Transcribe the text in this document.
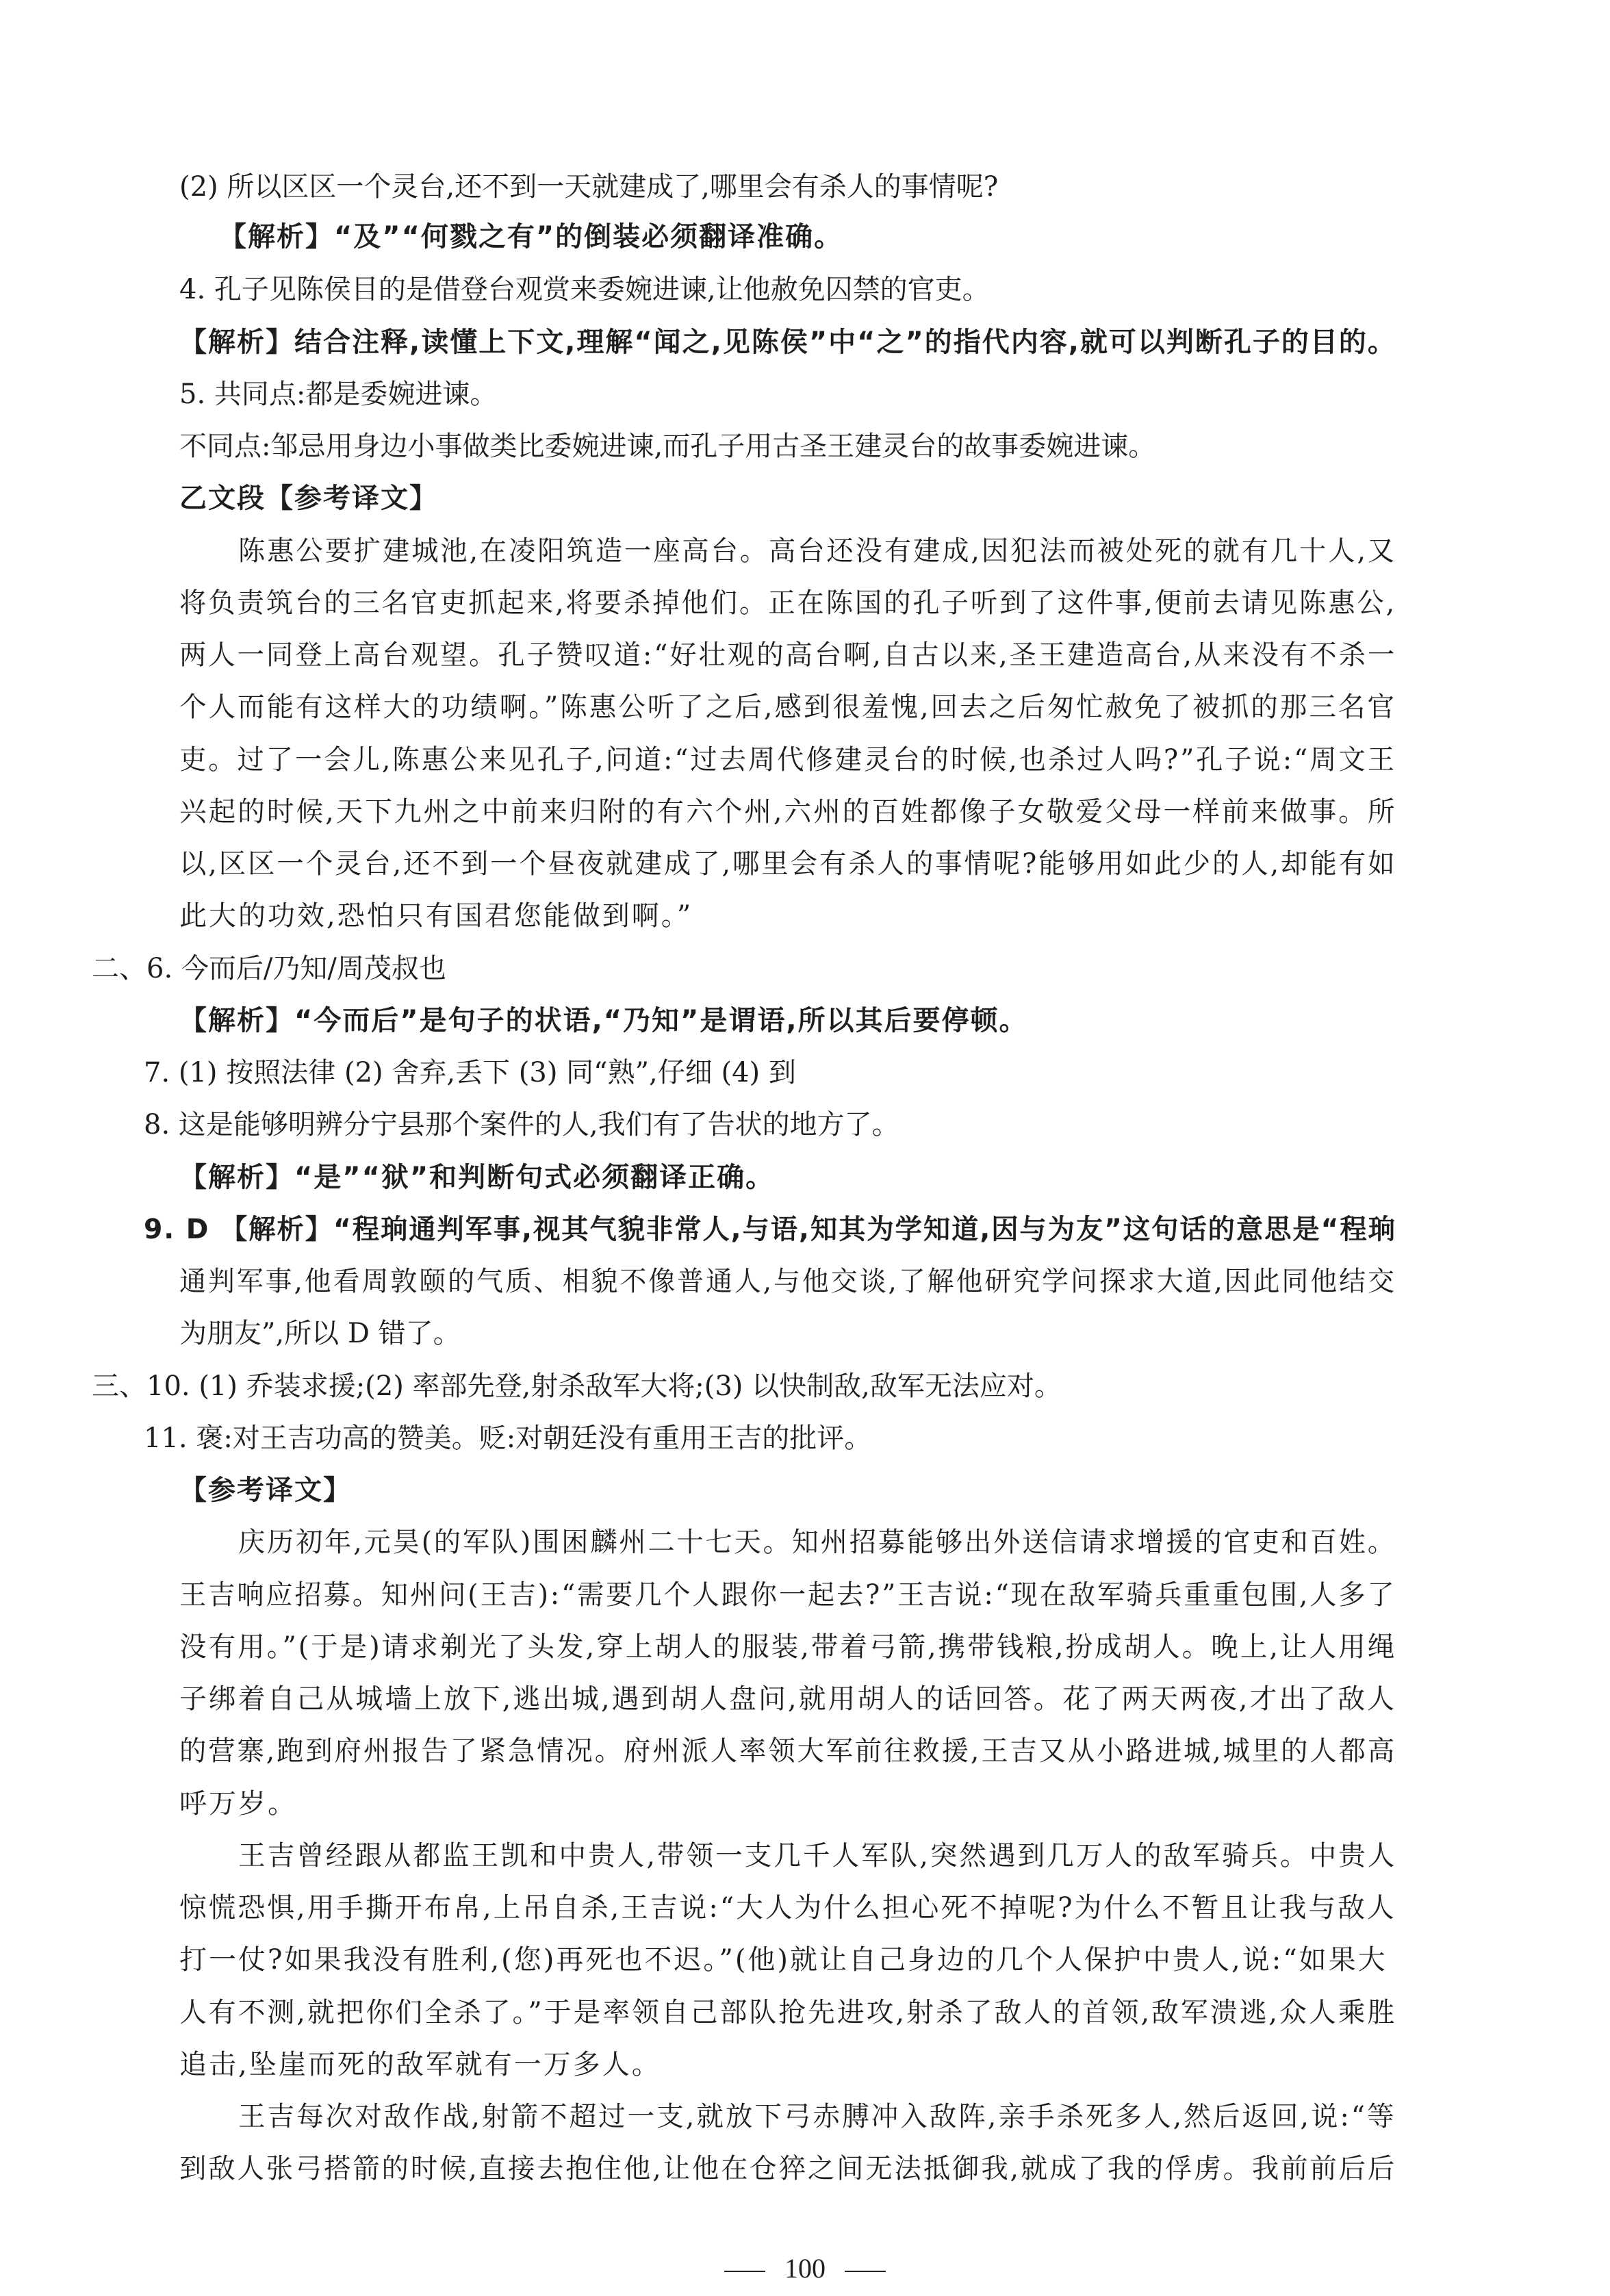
(2) 所以区区一个灵台,还不到一天就建成了,哪里会有杀人的事情呢?
【解析】“及”“何戮之有”的倒装必须翻译准确。
4. 孔子见陈侯目的是借登台观赏来委婉进谏,让他赦免囚禁的官吏。
【解析】结合注释,读懂上下文,理解“闻之,见陈侯”中“之”的指代内容,就可以判断孔子的目的。
5. 共同点:都是委婉进谏。
不同点:邹忌用身边小事做类比委婉进谏,而孔子用古圣王建灵台的故事委婉进谏。
乙文段【参考译文】
陈惠公要扩建城池,在凌阳筑造一座高台。高台还没有建成,因犯法而被处死的就有几十人,又
将负责筑台的三名官吏抓起来,将要杀掉他们。正在陈国的孔子听到了这件事,便前去请见陈惠公,
两人一同登上高台观望。孔子赞叹道:“好壮观的高台啊,自古以来,圣王建造高台,从来没有不杀一
个人而能有这样大的功绩啊。”陈惠公听了之后,感到很羞愧,回去之后匆忙赦免了被抓的那三名官
吏。过了一会儿,陈惠公来见孔子,问道:“过去周代修建灵台的时候,也杀过人吗?”孔子说:“周文王
兴起的时候,天下九州之中前来归附的有六个州,六州的百姓都像子女敬爱父母一样前来做事。所
以,区区一个灵台,还不到一个昼夜就建成了,哪里会有杀人的事情呢?能够用如此少的人,却能有如
此大的功效,恐怕只有国君您能做到啊。”
二、6. 今而后/乃知/周茂叔也
【解析】“今而后”是句子的状语,“乃知”是谓语,所以其后要停顿。
7. (1) 按照法律 (2) 舍弃,丢下 (3) 同“熟”,仔细 (4) 到
8. 这是能够明辨分宁县那个案件的人,我们有了告状的地方了。
【解析】“是”“狱”和判断句式必须翻译正确。
9. D 【解析】“程珦通判军事,视其气貌非常人,与语,知其为学知道,因与为友”这句话的意思是“程珦
通判军事,他看周敦颐的气质、相貌不像普通人,与他交谈,了解他研究学问探求大道,因此同他结交
为朋友”,所以 D 错了。
三、10. (1) 乔装求援;(2) 率部先登,射杀敌军大将;(3) 以快制敌,敌军无法应对。
11. 褒:对王吉功高的赞美。贬:对朝廷没有重用王吉的批评。
【参考译文】
庆历初年,元昊(的军队)围困麟州二十七天。知州招募能够出外送信请求增援的官吏和百姓。
王吉响应招募。知州问(王吉):“需要几个人跟你一起去?”王吉说:“现在敌军骑兵重重包围,人多了
没有用。”(于是)请求剃光了头发,穿上胡人的服装,带着弓箭,携带钱粮,扮成胡人。晚上,让人用绳
子绑着自己从城墙上放下,逃出城,遇到胡人盘问,就用胡人的话回答。花了两天两夜,才出了敌人
的营寨,跑到府州报告了紧急情况。府州派人率领大军前往救援,王吉又从小路进城,城里的人都高
呼万岁。
王吉曾经跟从都监王凯和中贵人,带领一支几千人军队,突然遇到几万人的敌军骑兵。中贵人
惊慌恐惧,用手撕开布帛,上吊自杀,王吉说:“大人为什么担心死不掉呢?为什么不暂且让我与敌人
打一仗?如果我没有胜利,(您)再死也不迟。”(他)就让自己身边的几个人保护中贵人,说:“如果大
人有不测,就把你们全杀了。”于是率领自己部队抢先进攻,射杀了敌人的首领,敌军溃逃,众人乘胜
追击,坠崖而死的敌军就有一万多人。
王吉每次对敌作战,射箭不超过一支,就放下弓赤膊冲入敌阵,亲手杀死多人,然后返回,说:“等
到敌人张弓搭箭的时候,直接去抱住他,让他在仓猝之间无法抵御我,就成了我的俘虏。我前前后后
100
